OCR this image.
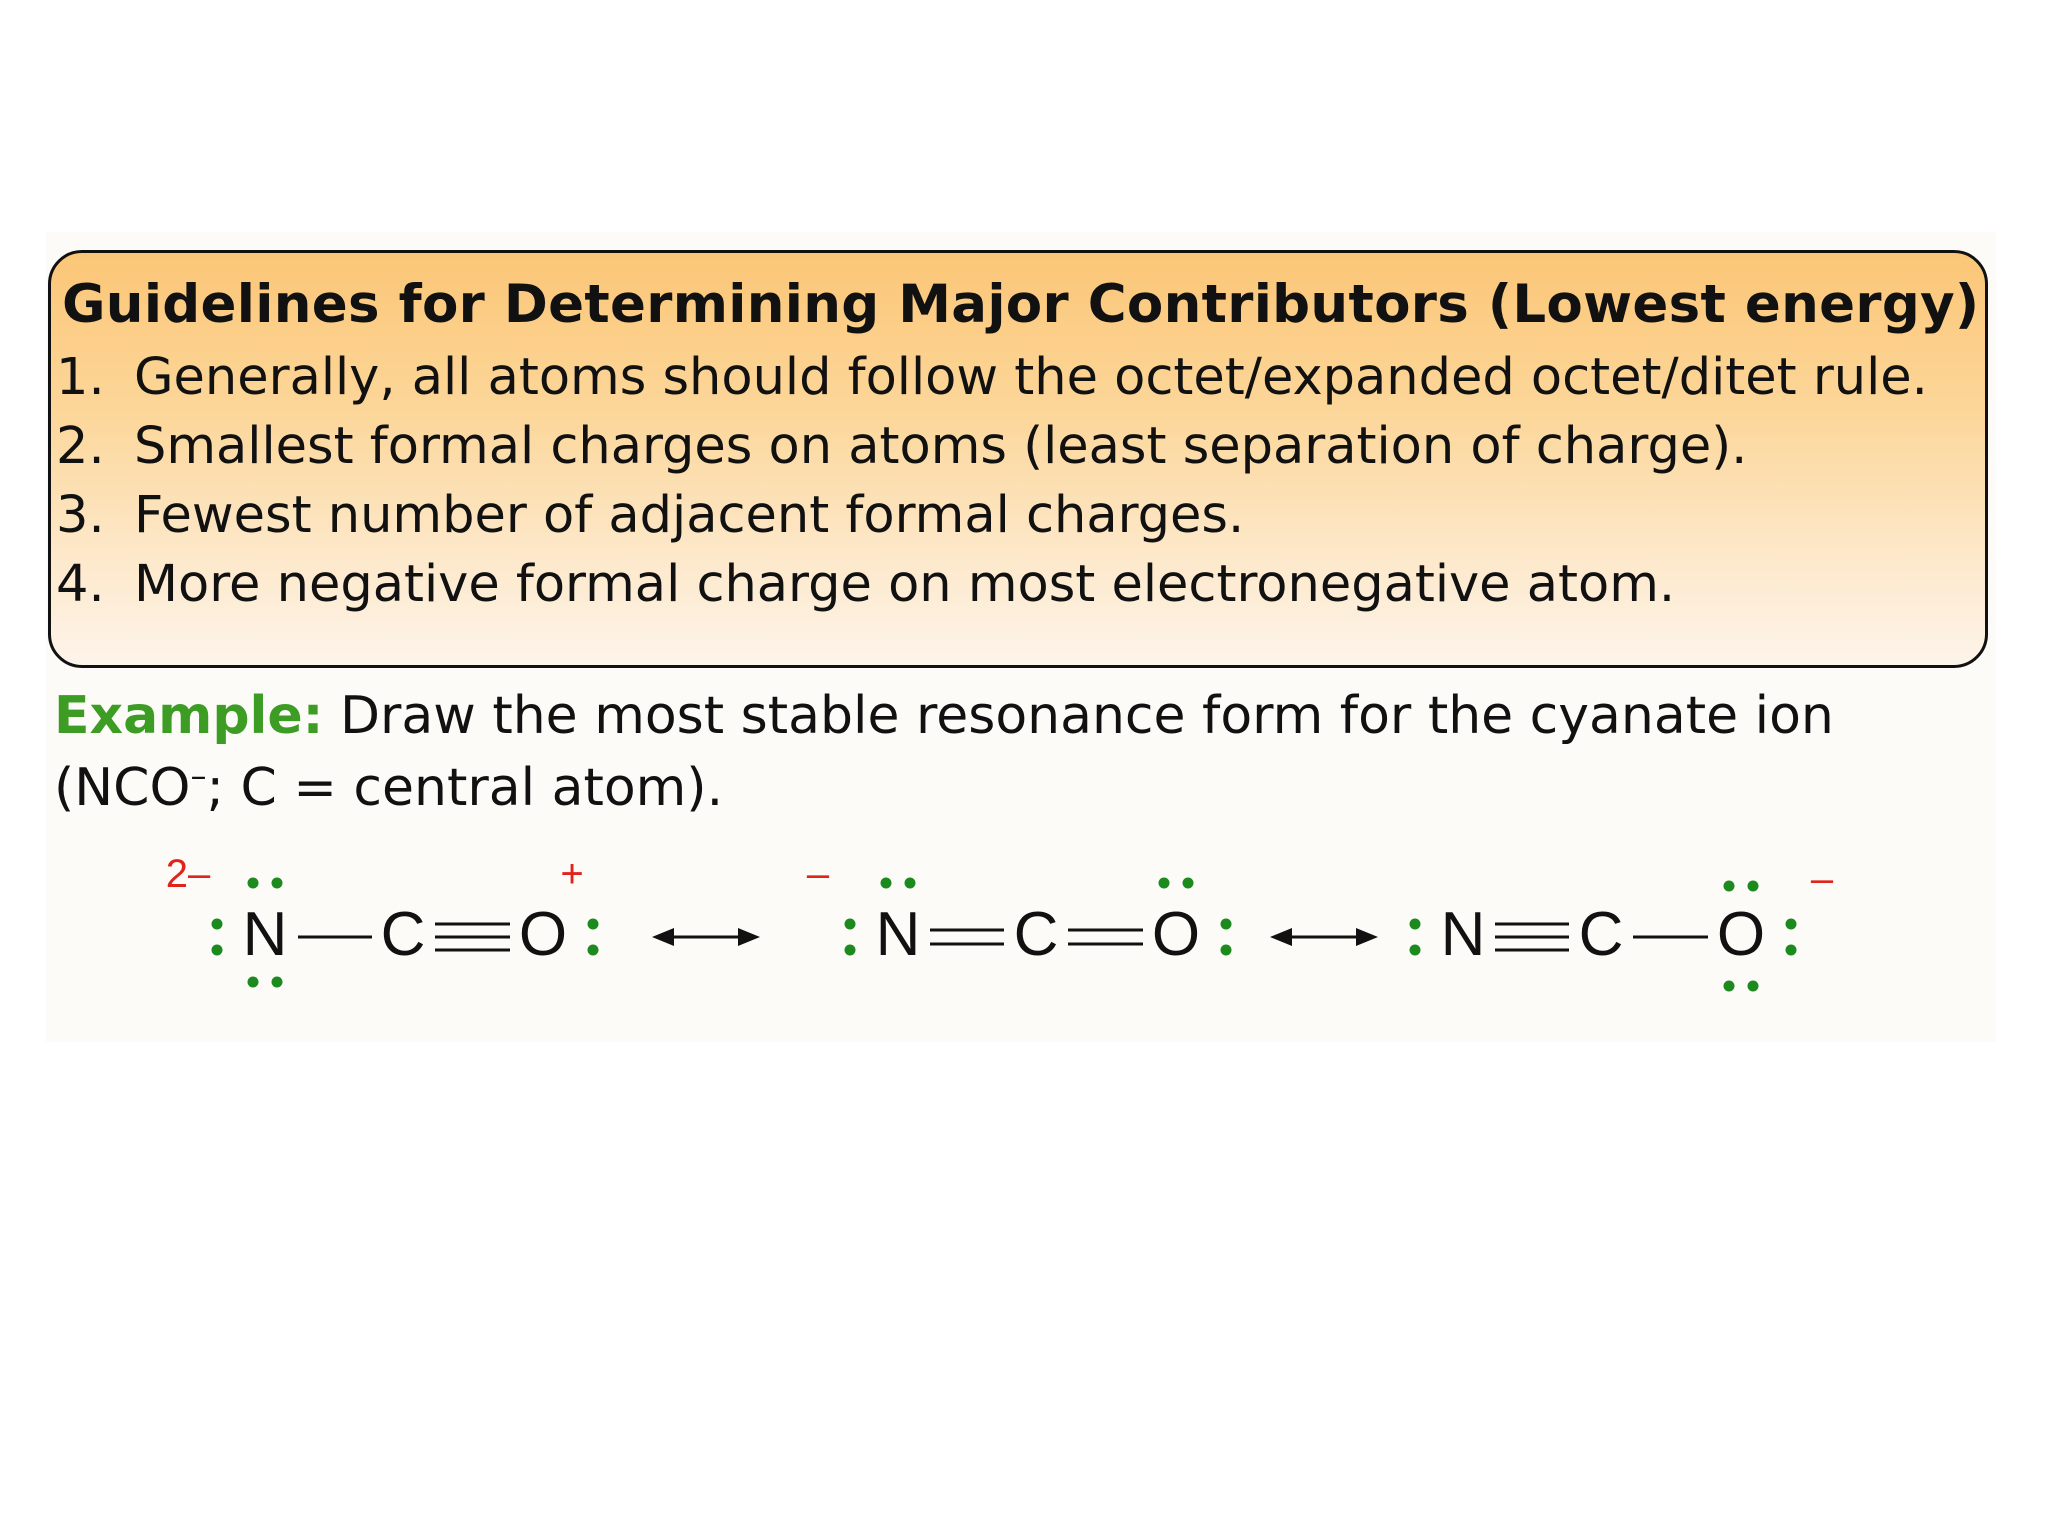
Guidelines for Determining Major Contributors (Lowest energy)
1. Generally, all atoms should follow the octet/expanded octet/ditet rule.
2. Smallest formal charges on atoms (least separation of charge).
3. Fewest number of adjacent formal charges.
4. More negative formal charge on most electronegative atom.
Example: Draw the most stable resonance form for the cyanate ion (NCO–; C = central atom).
N C O
2–	+
N C O
–
N C O
–
